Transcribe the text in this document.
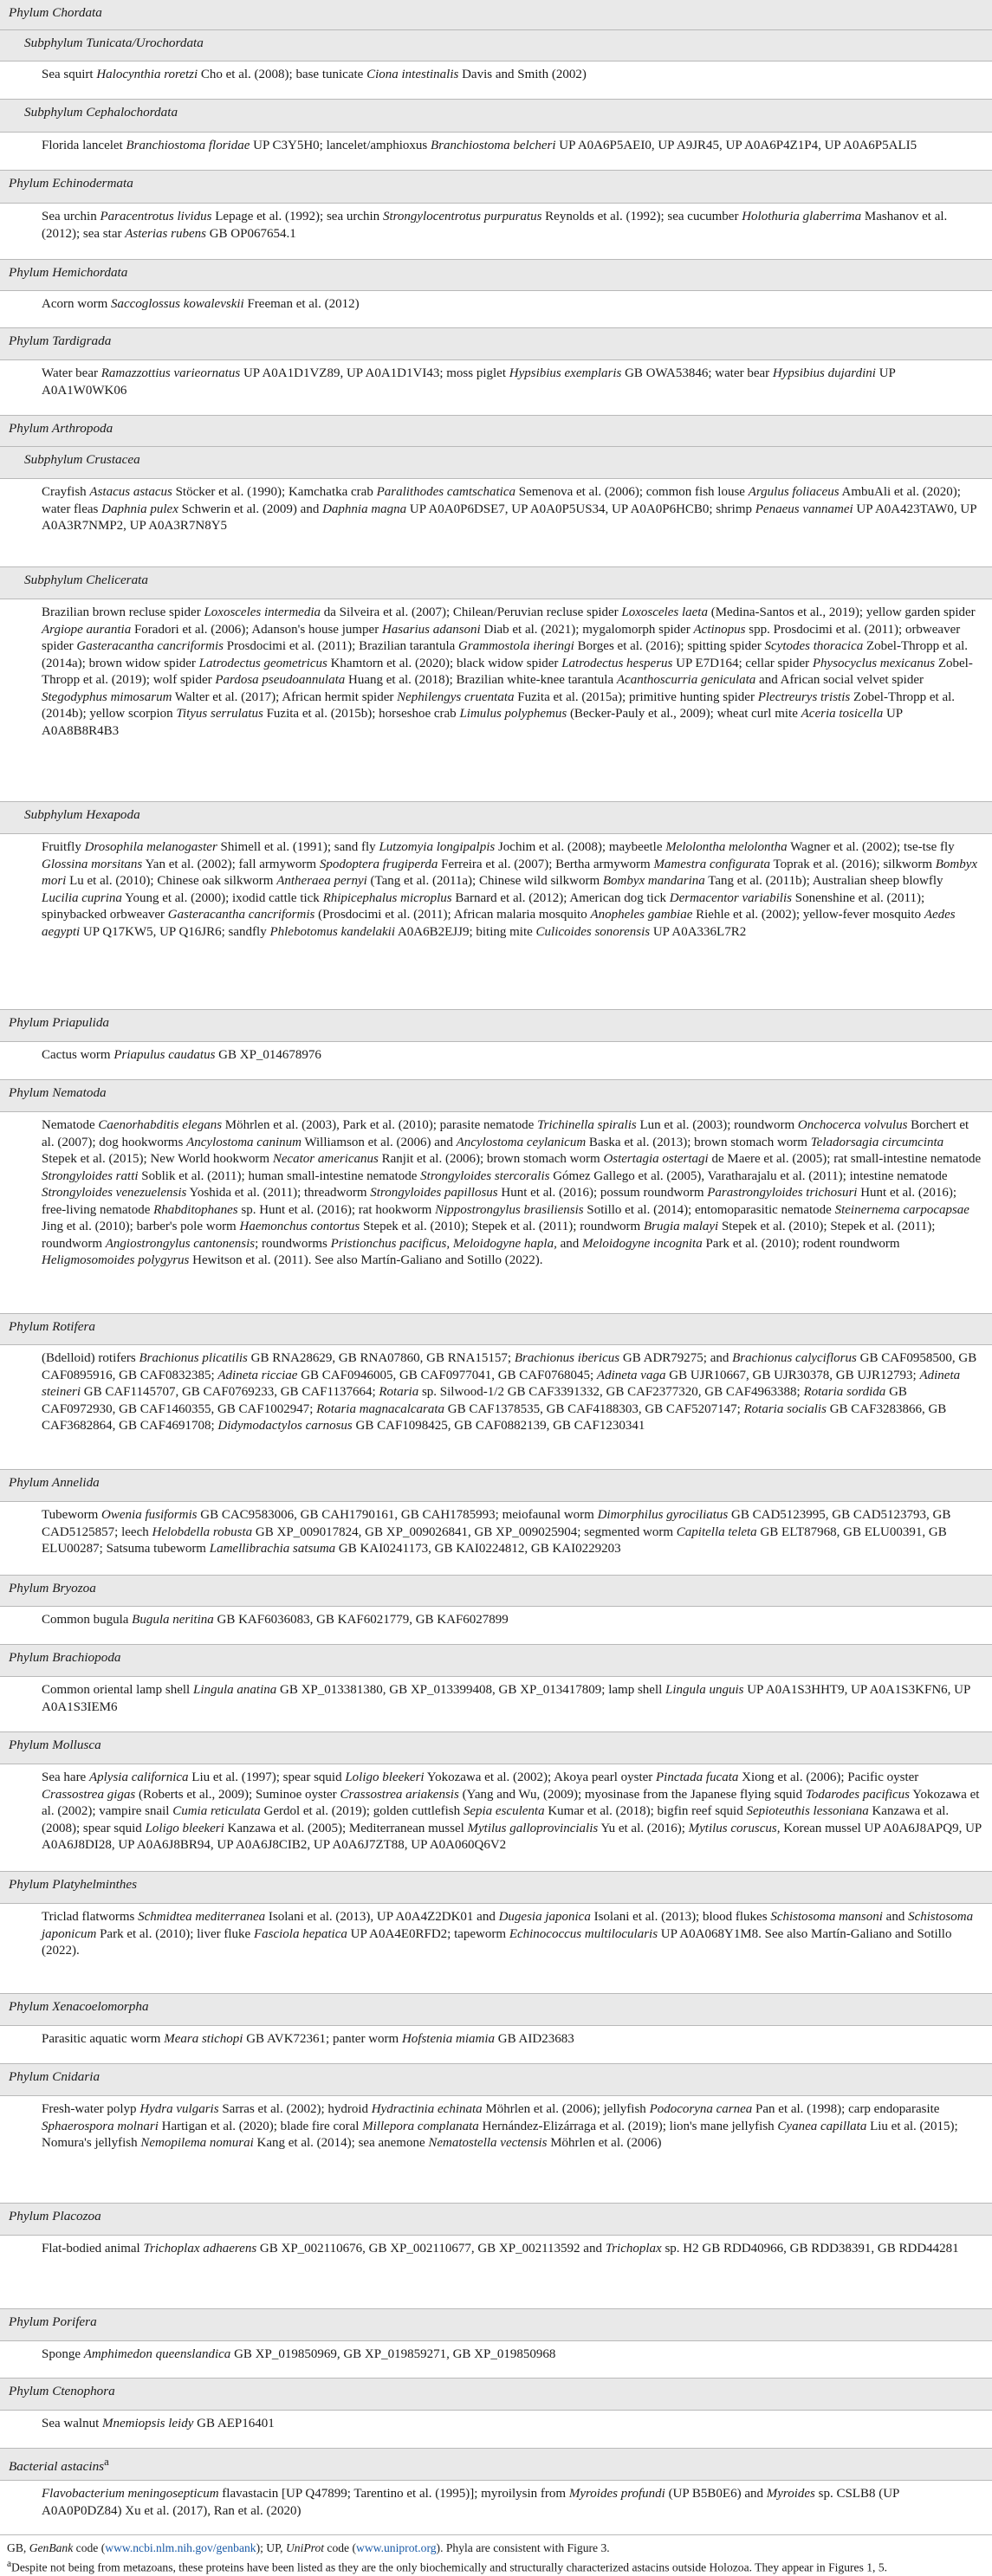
Phylum Chordata
Subphylum Tunicata/Urochordata
Sea squirt Halocynthia roretzi Cho et al. (2008); base tunicate Ciona intestinalis Davis and Smith (2002)
Subphylum Cephalochordata
Florida lancelet Branchiostoma floridae UP C3Y5H0; lancelet/amphioxus Branchiostoma belcheri UP A0A6P5AEI0, UP A9JR45, UP A0A6P4Z1P4, UP A0A6P5ALI5
Phylum Echinodermata
Sea urchin Paracentrotus lividus Lepage et al. (1992); sea urchin Strongylocentrotus purpuratus Reynolds et al. (1992); sea cucumber Holothuria glaberrima Mashanov et al. (2012); sea star Asterias rubens GB OP067654.1
Phylum Hemichordata
Acorn worm Saccoglossus kowalevskii Freeman et al. (2012)
Phylum Tardigrada
Water bear Ramazzottius varieornatus UP A0A1D1VZ89, UP A0A1D1VI43; moss piglet Hypsibius exemplaris GB OWA53846; water bear Hypsibius dujardini UP A0A1W0WK06
Phylum Arthropoda
Subphylum Crustacea
Crayfish Astacus astacus Stöcker et al. (1990); Kamchatka crab Paralithodes camtschatica Semenova et al. (2006); common fish louse Argulus foliaceus AmbuAli et al. (2020); water fleas Daphnia pulex Schwerin et al. (2009) and Daphnia magna UP A0A0P6DSE7, UP A0A0P5US34, UP A0A0P6HCB0; shrimp Penaeus vannamei UP A0A423TAW0, UP A0A3R7NMP2, UP A0A3R7N8Y5
Subphylum Chelicerata
Brazilian brown recluse spider Loxosceles intermedia da Silveira et al. (2007); Chilean/Peruvian recluse spider Loxosceles laeta (Medina-Santos et al., 2019); yellow garden spider Argiope aurantia Foradori et al. (2006); Adanson's house jumper Hasarius adansoni Diab et al. (2021); mygalomorph spider Actinopus spp. Prosdocimi et al. (2011); orbweaver spider Gasteracantha cancriformis Prosdocimi et al. (2011); Brazilian tarantula Grammostola iheringi Borges et al. (2016); spitting spider Scytodes thoracica Zobel-Thropp et al. (2014a); brown widow spider Latrodectus geometricus Khamtorn et al. (2020); black widow spider Latrodectus hesperus UP E7D164; cellar spider Physocyclus mexicanus Zobel-Thropp et al. (2019); wolf spider Pardosa pseudoannulata Huang et al. (2018); Brazilian white-knee tarantula Acanthoscurria geniculata and African social velvet spider Stegodyphus mimosarum Walter et al. (2017); African hermit spider Nephilengys cruentata Fuzita et al. (2015a); primitive hunting spider Plectreurys tristis Zobel-Thropp et al. (2014b); yellow scorpion Tityus serrulatus Fuzita et al. (2015b); horseshoe crab Limulus polyphemus (Becker-Pauly et al., 2009); wheat curl mite Aceria tosicella UP A0A8B8R4B3
Subphylum Hexapoda
Fruitfly Drosophila melanogaster Shimell et al. (1991); sand fly Lutzomyia longipalpis Jochim et al. (2008); maybeetle Melolontha melolontha Wagner et al. (2002); tse-tse fly Glossina morsitans Yan et al. (2002); fall armyworm Spodoptera frugiperda Ferreira et al. (2007); Bertha armyworm Mamestra configurata Toprak et al. (2016); silkworm Bombyx mori Lu et al. (2010); Chinese oak silkworm Antheraea pernyi (Tang et al. (2011a); Chinese wild silkworm Bombyx mandarina Tang et al. (2011b); Australian sheep blowfly Lucilia cuprina Young et al. (2000); ixodid cattle tick Rhipicephalus microplus Barnard et al. (2012); American dog tick Dermacentor variabilis Sonenshine et al. (2011); spinybacked orbweaver Gasteracantha cancriformis (Prosdocimi et al. (2011); African malaria mosquito Anopheles gambiae Riehle et al. (2002); yellow-fever mosquito Aedes aegypti UP Q17KW5, UP Q16JR6; sandfly Phlebotomus kandelakii A0A6B2EJJ9; biting mite Culicoides sonorensis UP A0A336L7R2
Phylum Priapulida
Cactus worm Priapulus caudatus GB XP_014678976
Phylum Nematoda
Nematode Caenorhabditis elegans Möhrlen et al. (2003), Park et al. (2010); parasite nematode Trichinella spiralis Lun et al. (2003); roundworm Onchocerca volvulus Borchert et al. (2007); dog hookworms Ancylostoma caninum Williamson et al. (2006) and Ancylostoma ceylanicum Baska et al. (2013); brown stomach worm Teladorsagia circumcinta Stepek et al. (2015); New World hookworm Necator americanus Ranjit et al. (2006); brown stomach worm Ostertagia ostertagi de Maere et al. (2005); rat small-intestine nematode Strongyloides ratti Soblik et al. (2011); human small-intestine nematode Strongyloides stercoralis Gómez Gallego et al. (2005), Varatharajalu et al. (2011); intestine nematode Strongyloides venezuelensis Yoshida et al. (2011); threadworm Strongyloides papillosus Hunt et al. (2016); possum roundworm Parastrongyloides trichosuri Hunt et al. (2016); free-living nematode Rhabditophanes sp. Hunt et al. (2016); rat hookworm Nippostrongylus brasiliensis Sotillo et al. (2014); entomoparasitic nematode Steinernema carpocapsae Jing et al. (2010); barber's pole worm Haemonchus contortus Stepek et al. (2010); Stepek et al. (2011); roundworm Brugia malayi Stepek et al. (2010); Stepek et al. (2011); roundworm Angiostrongylus cantonensis; roundworms Pristionchus pacificus, Meloidogyne hapla, and Meloidogyne incognita Park et al. (2010); rodent roundworm Heligmosomoides polygyrus Hewitson et al. (2011). See also Martín-Galiano and Sotillo (2022).
Phylum Rotifera
(Bdelloid) rotifers Brachionus plicatilis GB RNA28629, GB RNA07860, GB RNA15157; Brachionus ibericus GB ADR79275; and Brachionus calyciflorus GB CAF0958500, GB CAF0895916, GB CAF0832385; Adineta ricciae GB CAF0946005, GB CAF0977041, GB CAF0768045; Adineta vaga GB UJR10667, GB UJR30378, GB UJR12793; Adineta steineri GB CAF1145707, GB CAF0769233, GB CAF1137664; Rotaria sp. Silwood-1/2 GB CAF3391332, GB CAF2377320, GB CAF4963388; Rotaria sordida GB CAF0972930, GB CAF1460355, GB CAF1002947; Rotaria magnacalcarata GB CAF1378535, GB CAF4188303, GB CAF5207147; Rotaria socialis GB CAF3283866, GB CAF3682864, GB CAF4691708; Didymodactylos carnosus GB CAF1098425, GB CAF0882139, GB CAF1230341
Phylum Annelida
Tubeworm Owenia fusiformis GB CAC9583006, GB CAH1790161, GB CAH1785993; meiofaunal worm Dimorphilus gyrociliatus GB CAD5123995, GB CAD5123793, GB CAD5125857; leech Helobdella robusta GB XP_009017824, GB XP_009026841, GB XP_009025904; segmented worm Capitella teleta GB ELT87968, GB ELU00391, GB ELU00287; Satsuma tubeworm Lamellibrachia satsuma GB KAI0241173, GB KAI0224812, GB KAI0229203
Phylum Bryozoa
Common bugula Bugula neritina GB KAF6036083, GB KAF6021779, GB KAF6027899
Phylum Brachiopoda
Common oriental lamp shell Lingula anatina GB XP_013381380, GB XP_013399408, GB XP_013417809; lamp shell Lingula unguis UP A0A1S3HHT9, UP A0A1S3KFN6, UP A0A1S3IEM6
Phylum Mollusca
Sea hare Aplysia californica Liu et al. (1997); spear squid Loligo bleekeri Yokozawa et al. (2002); Akoya pearl oyster Pinctada fucata Xiong et al. (2006); Pacific oyster Crassostrea gigas (Roberts et al., 2009); Suminoe oyster Crassostrea ariakensis (Yang and Wu, (2009); myosinase from the Japanese flying squid Todarodes pacificus Yokozawa et al. (2002); vampire snail Cumia reticulata Gerdol et al. (2019); golden cuttlefish Sepia esculenta Kumar et al. (2018); bigfin reef squid Sepioteuthis lessoniana Kanzawa et al. (2008); spear squid Loligo bleekeri Kanzawa et al. (2005); Mediterranean mussel Mytilus galloprovincialis Yu et al. (2016); Mytilus coruscus, Korean mussel UP A0A6J8APQ9, UP A0A6J8DI28, UP A0A6J8BR94, UP A0A6J8CIB2, UP A0A6J7ZT88, UP A0A060Q6V2
Phylum Platyhelminthes
Triclad flatworms Schmidtea mediterranea Isolani et al. (2013), UP A0A4Z2DK01 and Dugesia japonica Isolani et al. (2013); blood flukes Schistosoma mansoni and Schistosoma japonicum Park et al. (2010); liver fluke Fasciola hepatica UP A0A4E0RFD2; tapeworm Echinococcus multilocularis UP A0A068Y1M8. See also Martín-Galiano and Sotillo (2022).
Phylum Xenacoelomorpha
Parasitic aquatic worm Meara stichopi GB AVK72361; panter worm Hofstenia miamia GB AID23683
Phylum Cnidaria
Fresh-water polyp Hydra vulgaris Sarras et al. (2002); hydroid Hydractinia echinata Möhrlen et al. (2006); jellyfish Podocoryna carnea Pan et al. (1998); carp endoparasite Sphaerospora molnari Hartigan et al. (2020); blade fire coral Millepora complanata Hernández-Elizárraga et al. (2019); lion's mane jellyfish Cyanea capillata Liu et al. (2015); Nomura's jellyfish Nemopilema nomurai Kang et al. (2014); sea anemone Nematostella vectensis Möhrlen et al. (2006)
Phylum Placozoa
Flat-bodied animal Trichoplax adhaerens GB XP_002110676, GB XP_002110677, GB XP_002113592 and Trichoplax sp. H2 GB RDD40966, GB RDD38391, GB RDD44281
Phylum Porifera
Sponge Amphimedon queenslandica GB XP_019850969, GB XP_019859271, GB XP_019850968
Phylum Ctenophora
Sea walnut Mnemiopsis leidy GB AEP16401
Bacterial astacins$^a$
Flavobacterium meningosepticum flavastacin [UP Q47899; Tarentino et al. (1995)]; myroilysin from Myroides profundi (UP B5B0E6) and Myroides sp. CSLB8 (UP A0A0P0DZ84) Xu et al. (2017), Ran et al. (2020)
GB, GenBank code (www.ncbi.nlm.nih.gov/genbank); UP, UniProt code (www.uniprot.org). Phyla are consistent with Figure 3.
$^a$Despite not being from metazoans, these proteins have been listed as they are the only biochemically and structurally characterized astacins outside Holozoa. They appear in Figures 1, 5.
